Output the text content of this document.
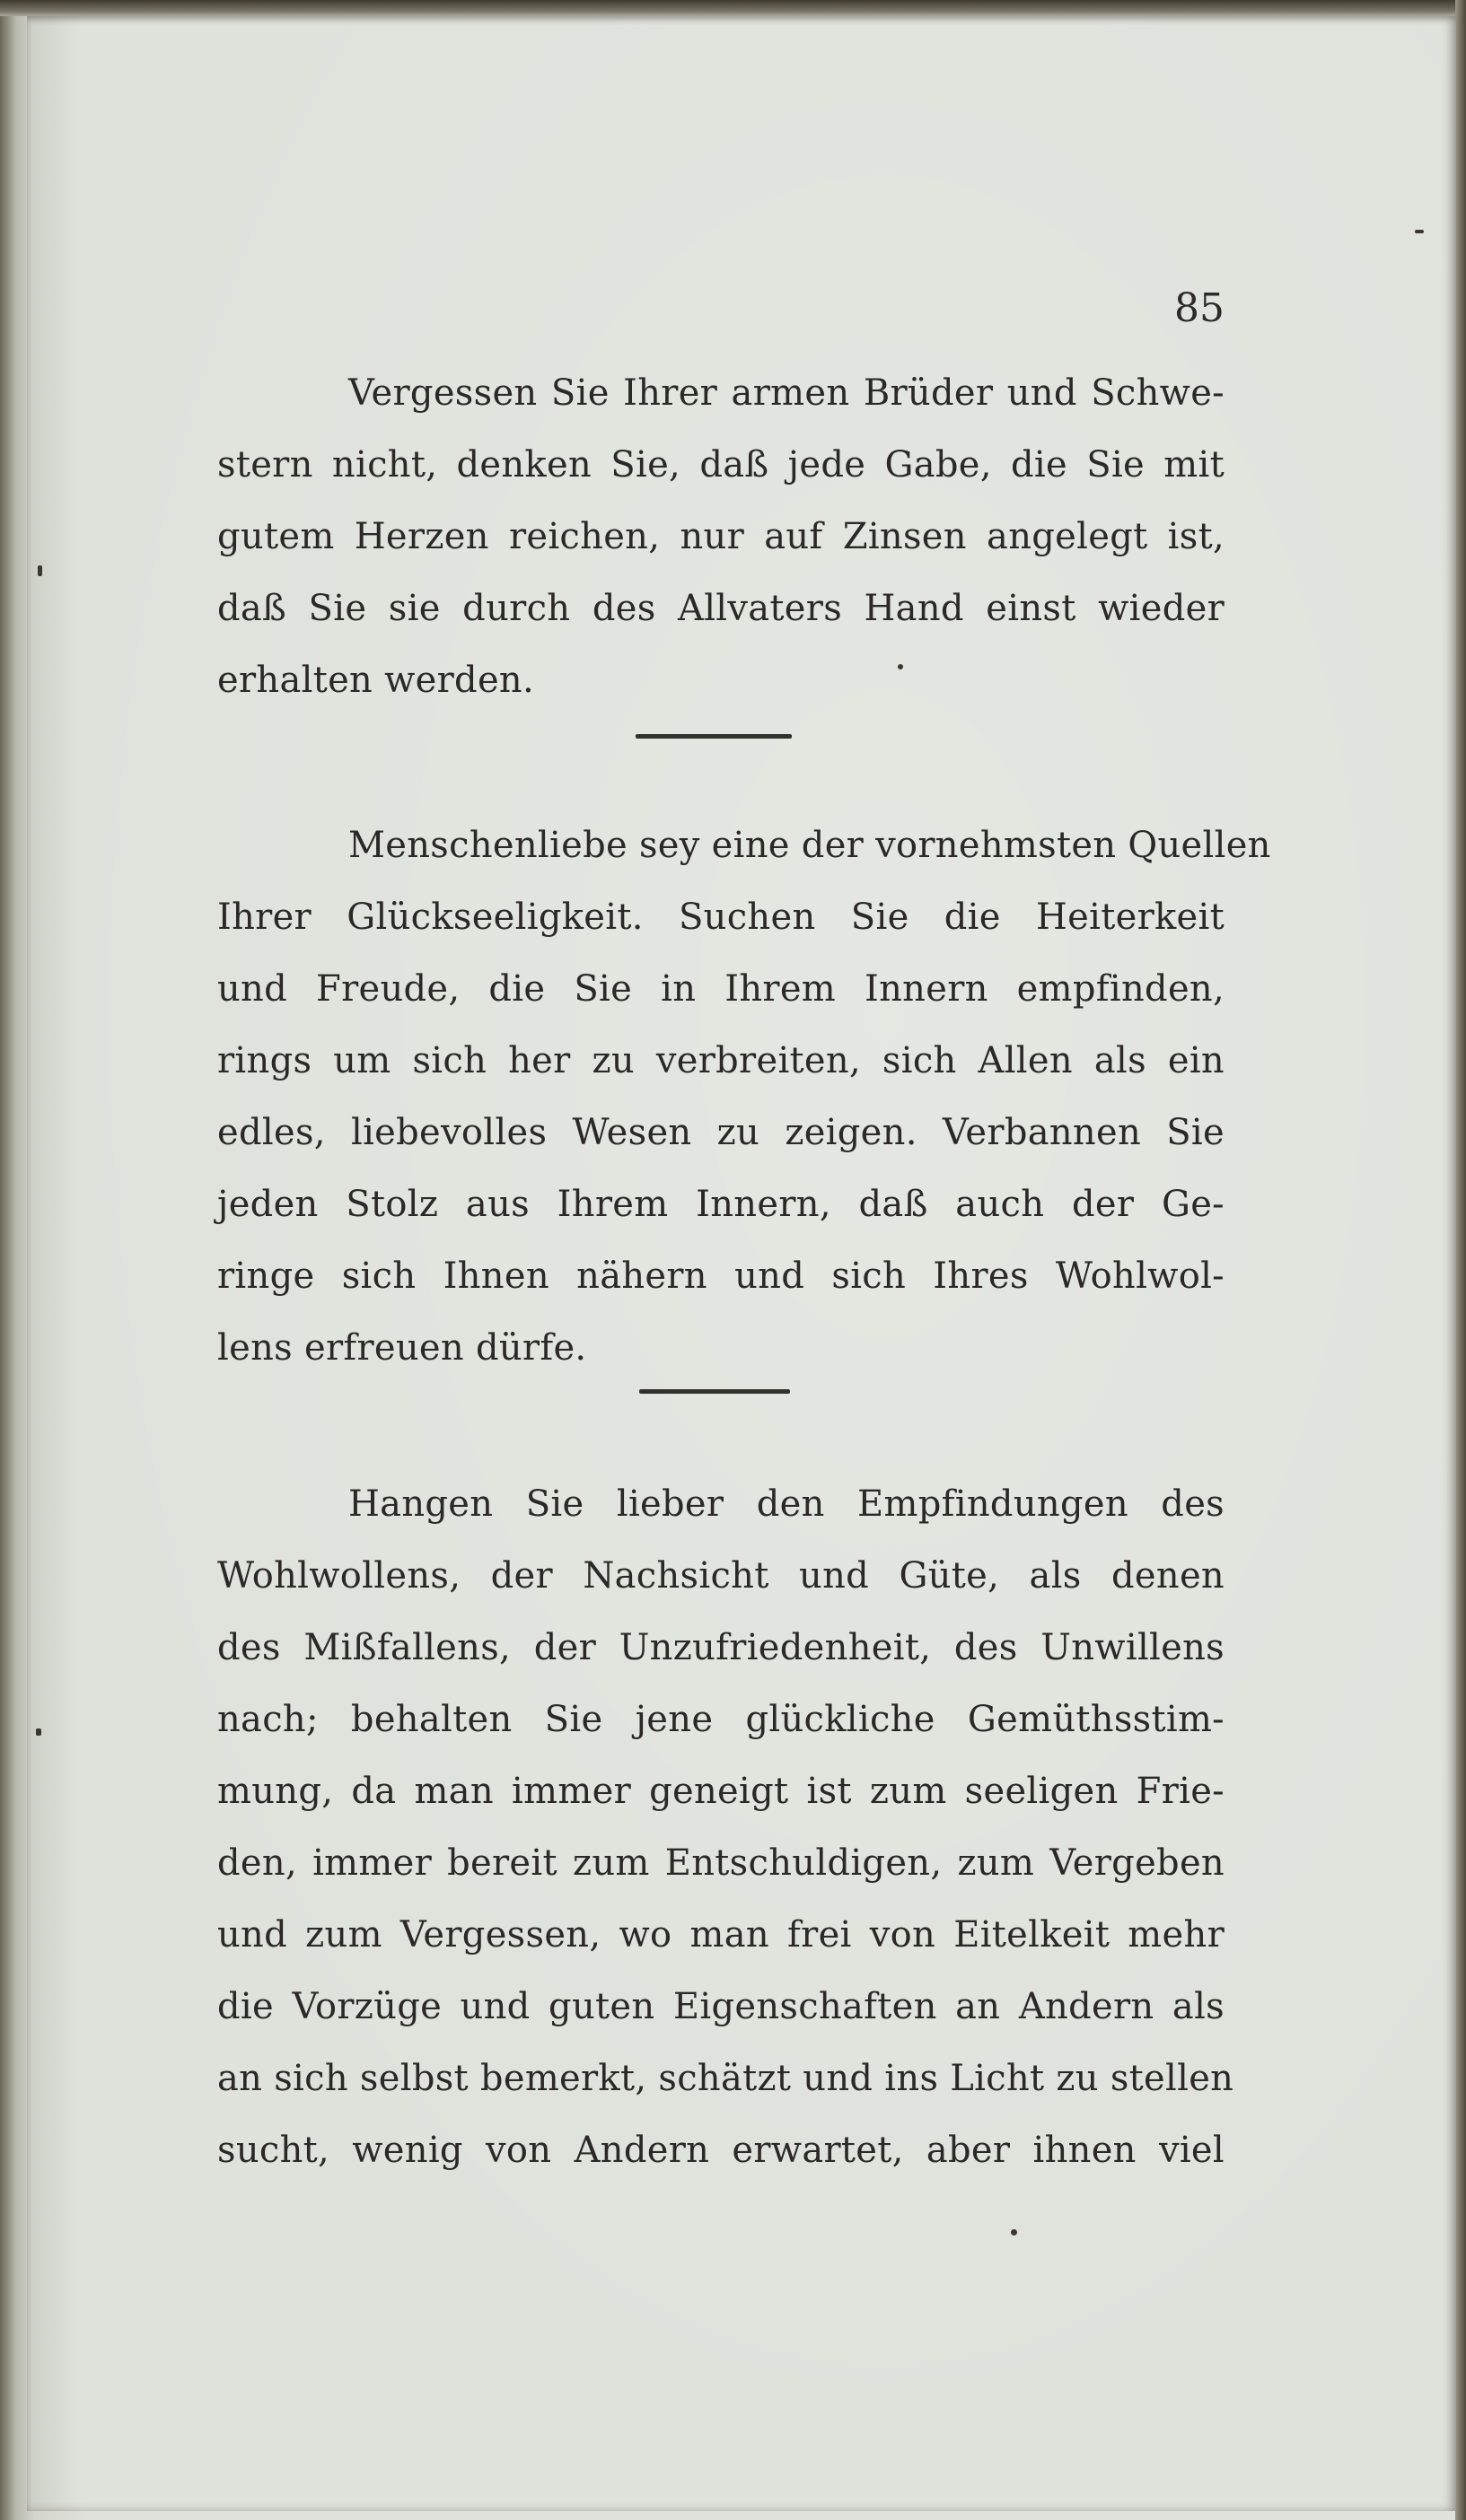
85

Vergessen Sie Ihrer armen Brüder und Schwe-
stern nicht, denken Sie, daß jede Gabe, die Sie mit
gutem Herzen reichen, nur auf Zinsen angelegt ist,
daß Sie sie durch des Allvaters Hand einst wieder
erhalten werden.

Menschenliebe sey eine der vornehmsten Quellen
Ihrer Glückseeligkeit. Suchen Sie die Heiterkeit
und Freude, die Sie in Ihrem Innern empfinden,
rings um sich her zu verbreiten, sich Allen als ein
edles, liebevolles Wesen zu zeigen. Verbannen Sie
jeden Stolz aus Ihrem Innern, daß auch der Ge-
ringe sich Ihnen nähern und sich Ihres Wohlwol-
lens erfreuen dürfe.

Hangen Sie lieber den Empfindungen des
Wohlwollens, der Nachsicht und Güte, als denen
des Mißfallens, der Unzufriedenheit, des Unwillens
nach; behalten Sie jene glückliche Gemüthsstim-
mung, da man immer geneigt ist zum seeligen Frie-
den, immer bereit zum Entschuldigen, zum Vergeben
und zum Vergessen, wo man frei von Eitelkeit mehr
die Vorzüge und guten Eigenschaften an Andern als
an sich selbst bemerkt, schätzt und ins Licht zu stellen
sucht, wenig von Andern erwartet, aber ihnen viel
